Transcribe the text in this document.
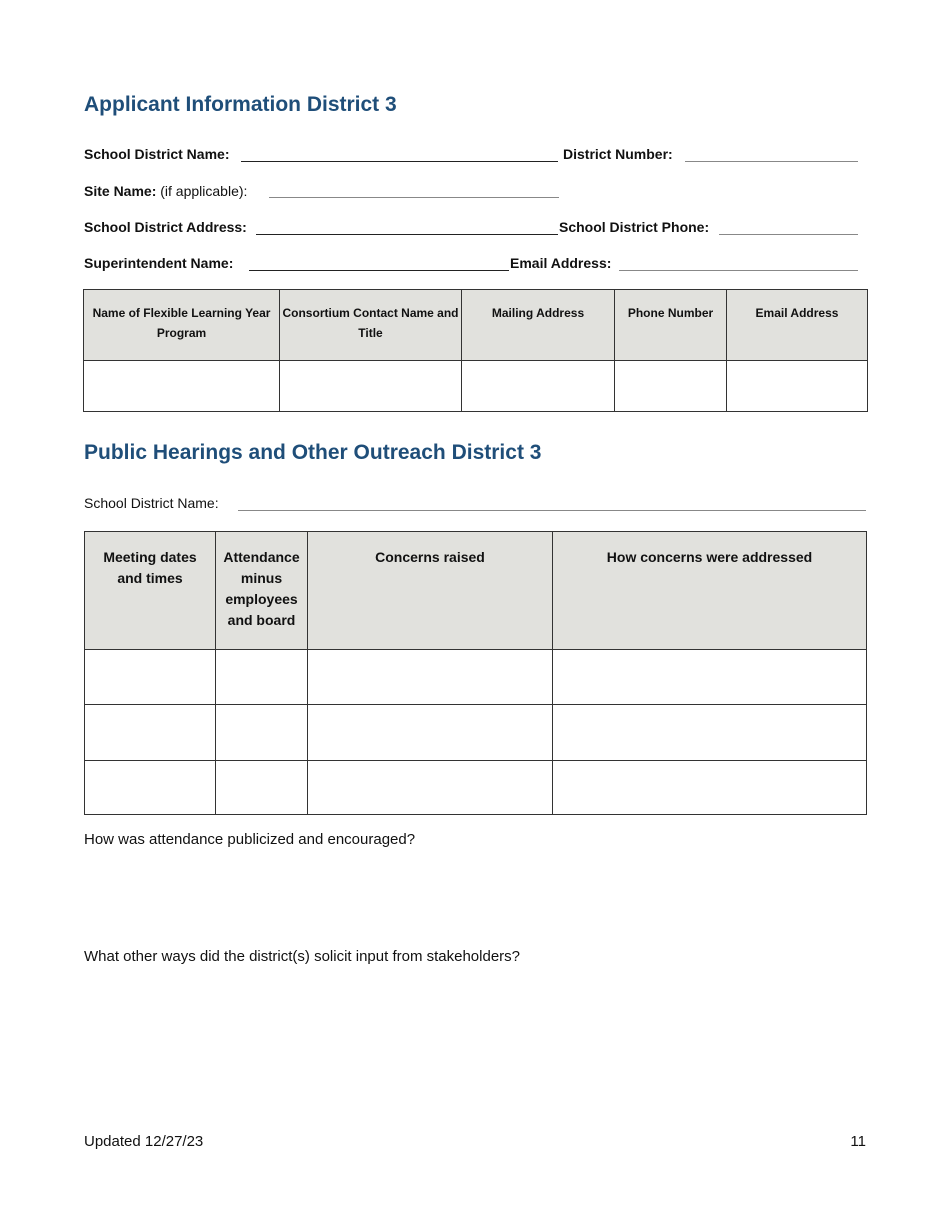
Applicant Information District 3
School District Name:	District Number:
Site Name: (if applicable):
School District Address:	School District Phone:
Superintendent Name:	Email Address:
Name of Flexible Learning Year Program	Consortium Contact Name and Title	Mailing Address	Phone Number	Email Address

Public Hearings and Other Outreach District 3
School District Name:
Meeting dates and times	Attendance minus employees and board	Concerns raised	How concerns were addressed

How was attendance publicized and encouraged?
What other ways did the district(s) solicit input from stakeholders?
Updated 12/27/23	11
